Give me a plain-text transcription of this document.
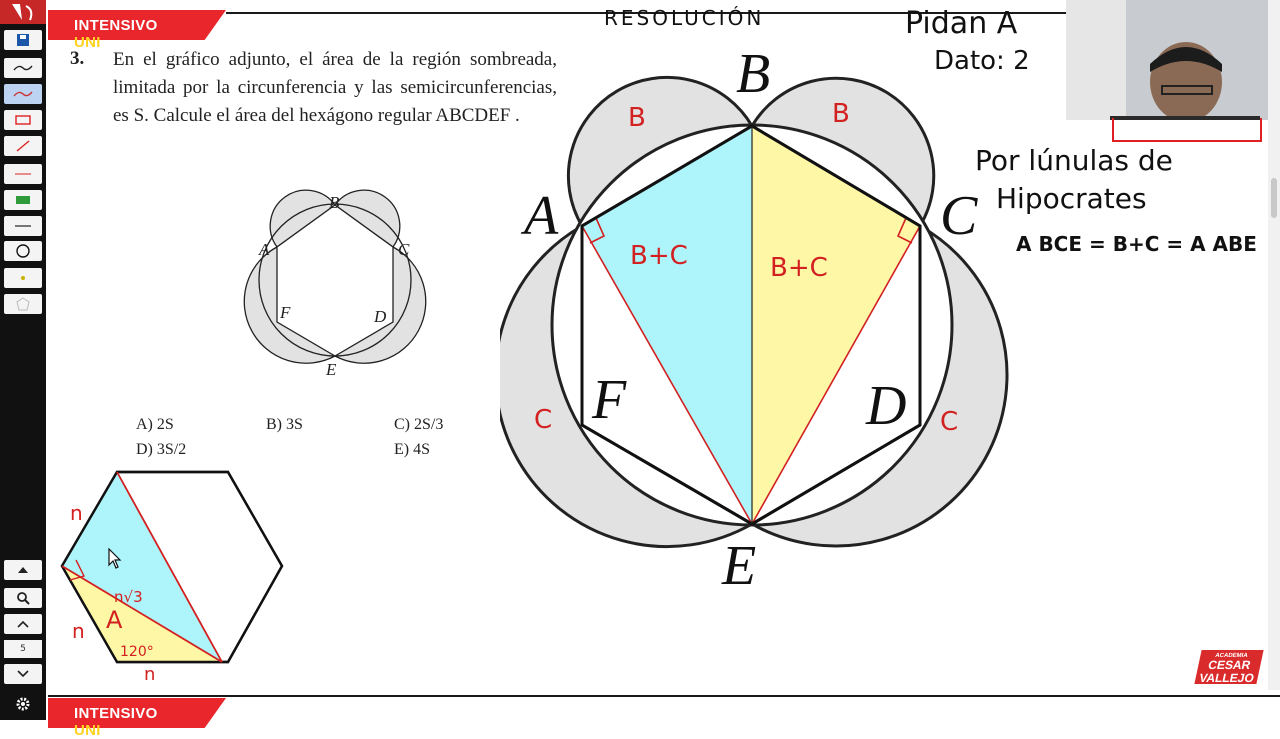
5
INTENSIVO UNI
INTENSIVO UNI
3. En el gráfico adjunto, el área de la región sombreada, limitada por la circunferencia y las semicircunferencias, es S. Calcule el área del hexágono regular ABCDEF .
B
A	C
F	D
E
A) 2S	B) 3S	C) 2S/3
D) 3S/2	E) 4S
B
A	C
F	D
E
B	B
C	C
B+C	B+C
RESOLUCIÓN	Pidan A
Dato: 2
Por lúnulas de
Hipocrates
A BCE = B+C = A ABE
n
n
n
n√3
A
120°	ACADEMIA
CESAR
VALLEJO
